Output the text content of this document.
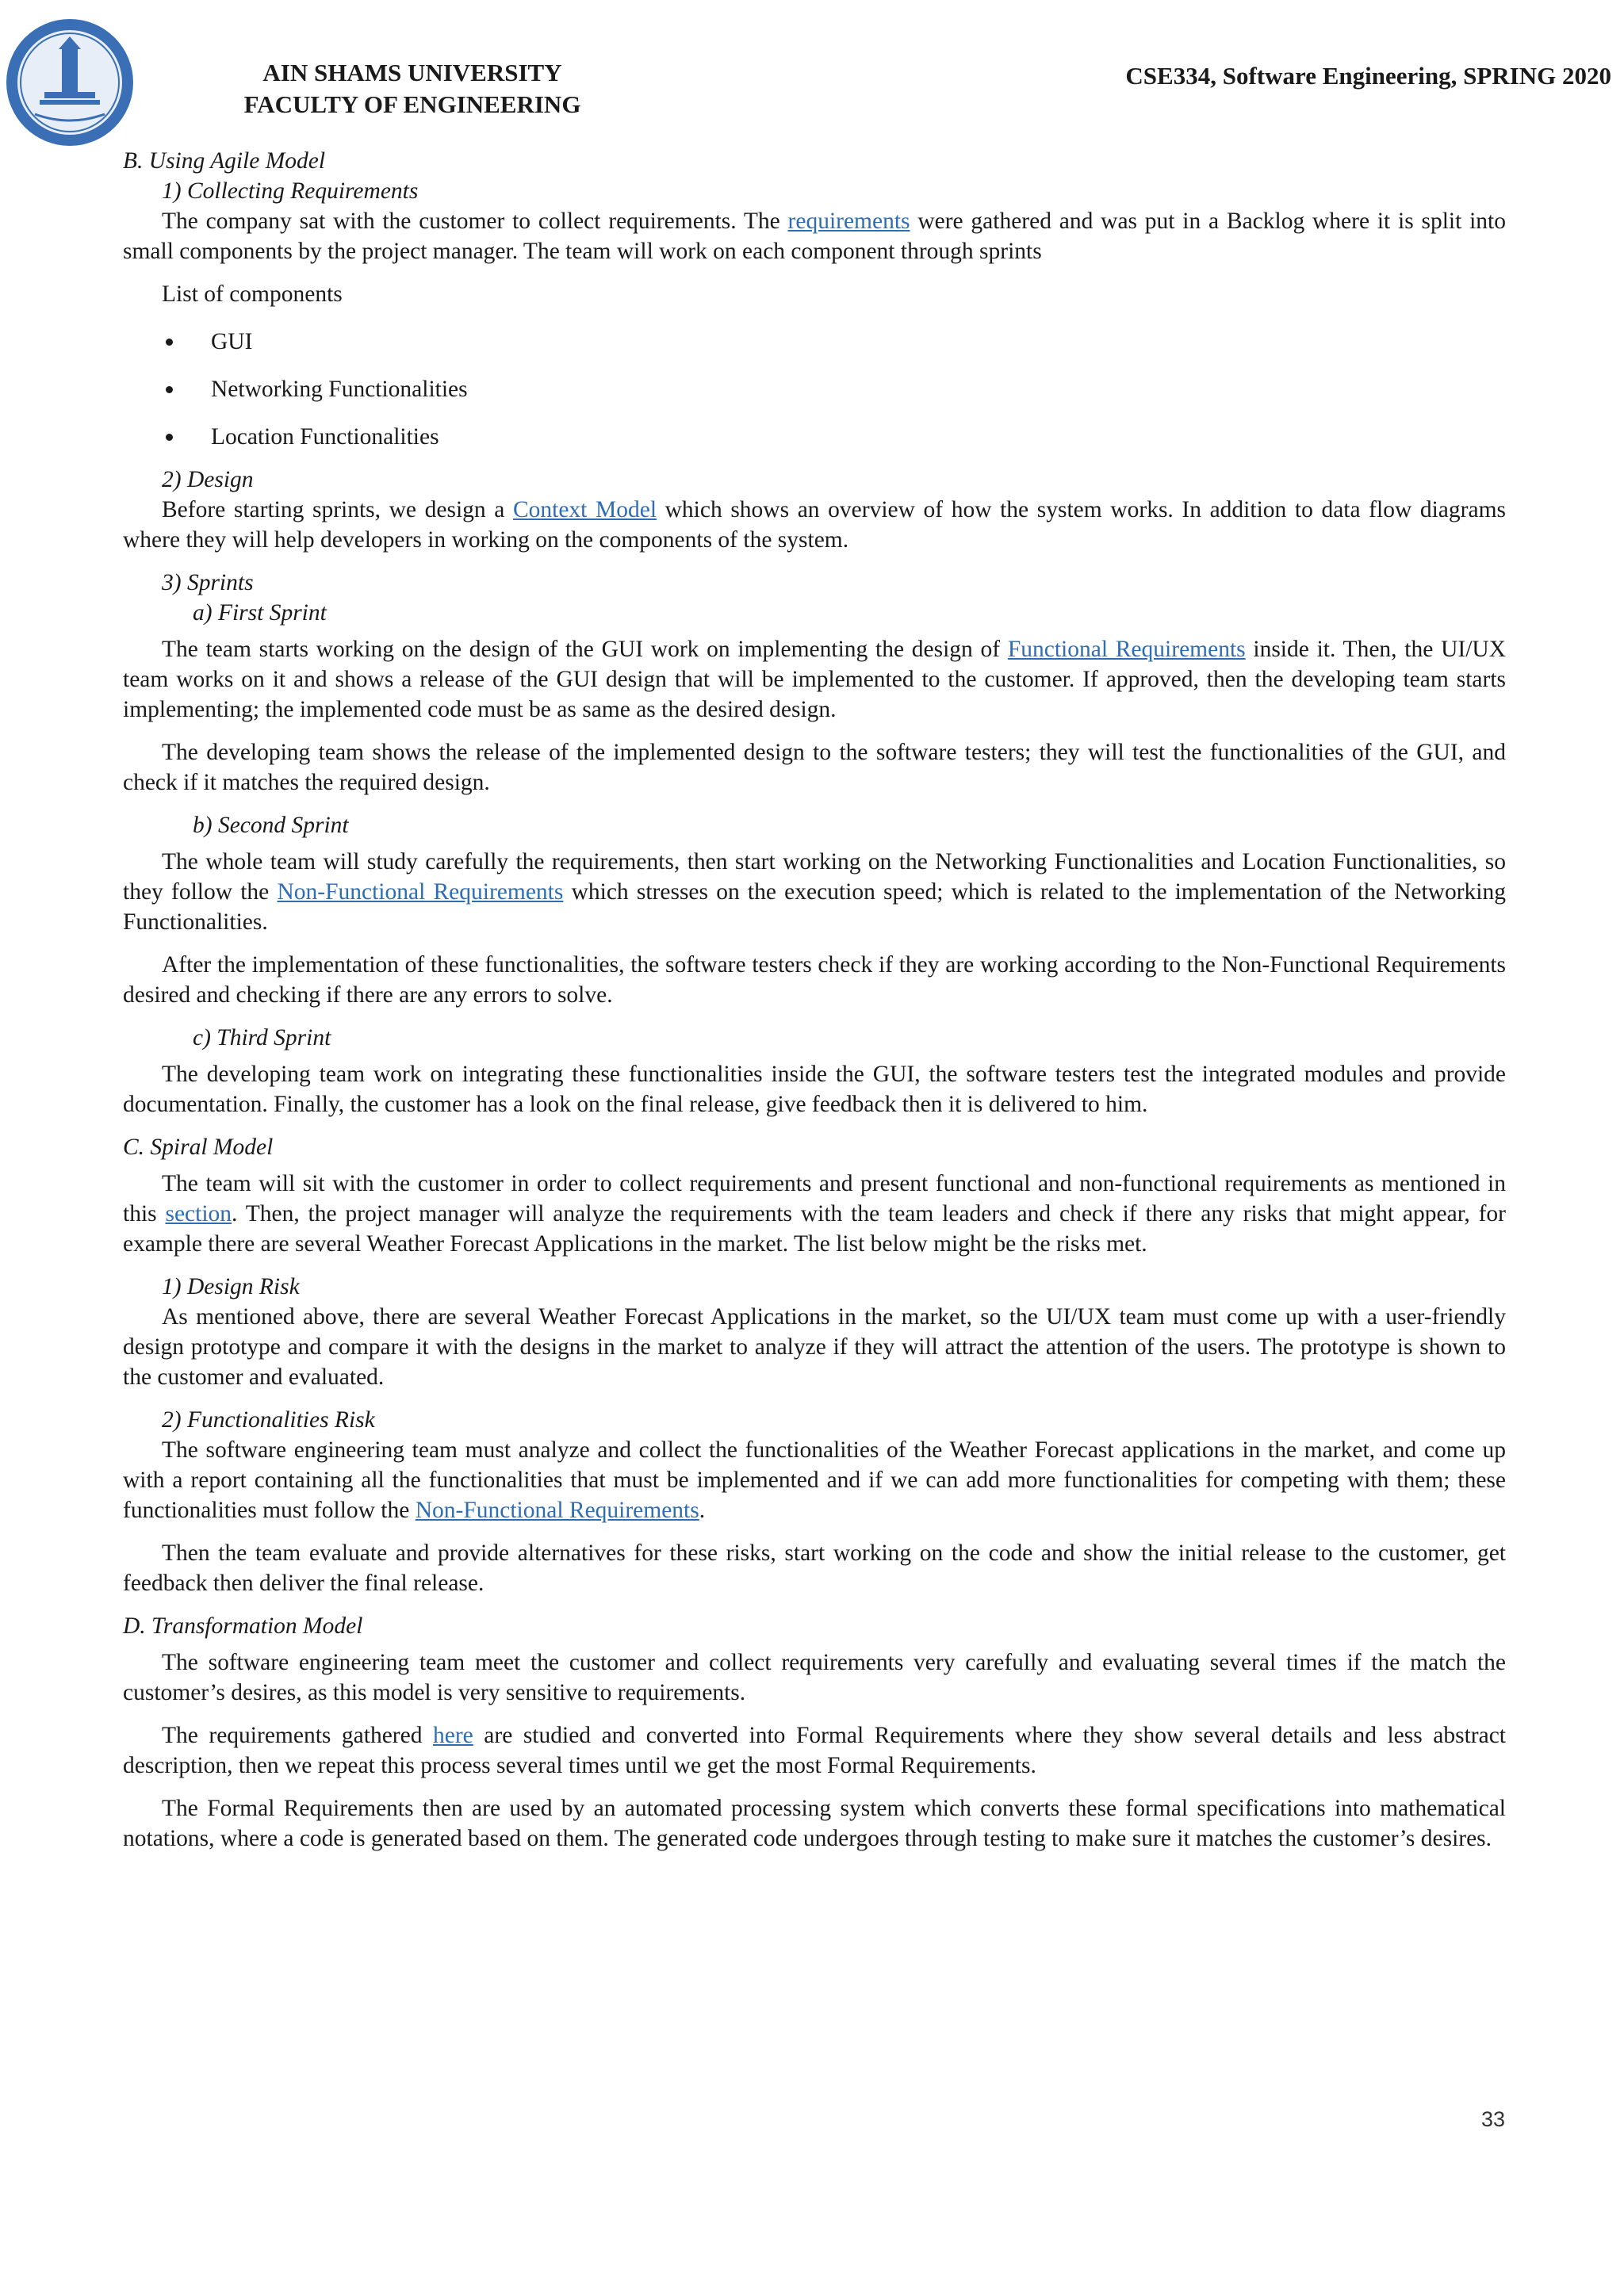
AIN SHAMS UNIVERSITY
FACULTY OF ENGINEERING
CSE334, Software Engineering, SPRING 2020
B. Using Agile Model
1) Collecting Requirements

The company sat with the customer to collect requirements. The requirements were gathered and was put in a Backlog where it is split into small components by the project manager. The team will work on each component through sprints

List of components

GUI
Networking Functionalities
Location Functionalities
2) Design

Before starting sprints, we design a Context Model which shows an overview of how the system works. In addition to data flow diagrams where they will help developers in working on the components of the system.

3) Sprints
a) First Sprint

The team starts working on the design of the GUI work on implementing the design of Functional Requirements inside it. Then, the UI/UX team works on it and shows a release of the GUI design that will be implemented to the customer. If approved, then the developing team starts implementing; the implemented code must be as same as the desired design.

The developing team shows the release of the implemented design to the software testers; they will test the functionalities of the GUI, and check if it matches the required design.

b) Second Sprint

The whole team will study carefully the requirements, then start working on the Networking Functionalities and Location Functionalities, so they follow the Non-Functional Requirements which stresses on the execution speed; which is related to the implementation of the Networking Functionalities.

After the implementation of these functionalities, the software testers check if they are working according to the Non-Functional Requirements desired and checking if there are any errors to solve.

c) Third Sprint

The developing team work on integrating these functionalities inside the GUI, the software testers test the integrated modules and provide documentation. Finally, the customer has a look on the final release, give feedback then it is delivered to him.

C. Spiral Model

The team will sit with the customer in order to collect requirements and present functional and non-functional requirements as mentioned in this section. Then, the project manager will analyze the requirements with the team leaders and check if there any risks that might appear, for example there are several Weather Forecast Applications in the market. The list below might be the risks met.

1) Design Risk

As mentioned above, there are several Weather Forecast Applications in the market, so the UI/UX team must come up with a user-friendly design prototype and compare it with the designs in the market to analyze if they will attract the attention of the users. The prototype is shown to the customer and evaluated.

2) Functionalities Risk

The software engineering team must analyze and collect the functionalities of the Weather Forecast applications in the market, and come up with a report containing all the functionalities that must be implemented and if we can add more functionalities for competing with them; these functionalities must follow the Non-Functional Requirements.

Then the team evaluate and provide alternatives for these risks, start working on the code and show the initial release to the customer, get feedback then deliver the final release.

D. Transformation Model

The software engineering team meet the customer and collect requirements very carefully and evaluating several times if the match the customer’s desires, as this model is very sensitive to requirements.

The requirements gathered here are studied and converted into Formal Requirements where they show several details and less abstract description, then we repeat this process several times until we get the most Formal Requirements.

The Formal Requirements then are used by an automated processing system which converts these formal specifications into mathematical notations, where a code is generated based on them. The generated code undergoes through testing to make sure it matches the customer’s desires.

33
